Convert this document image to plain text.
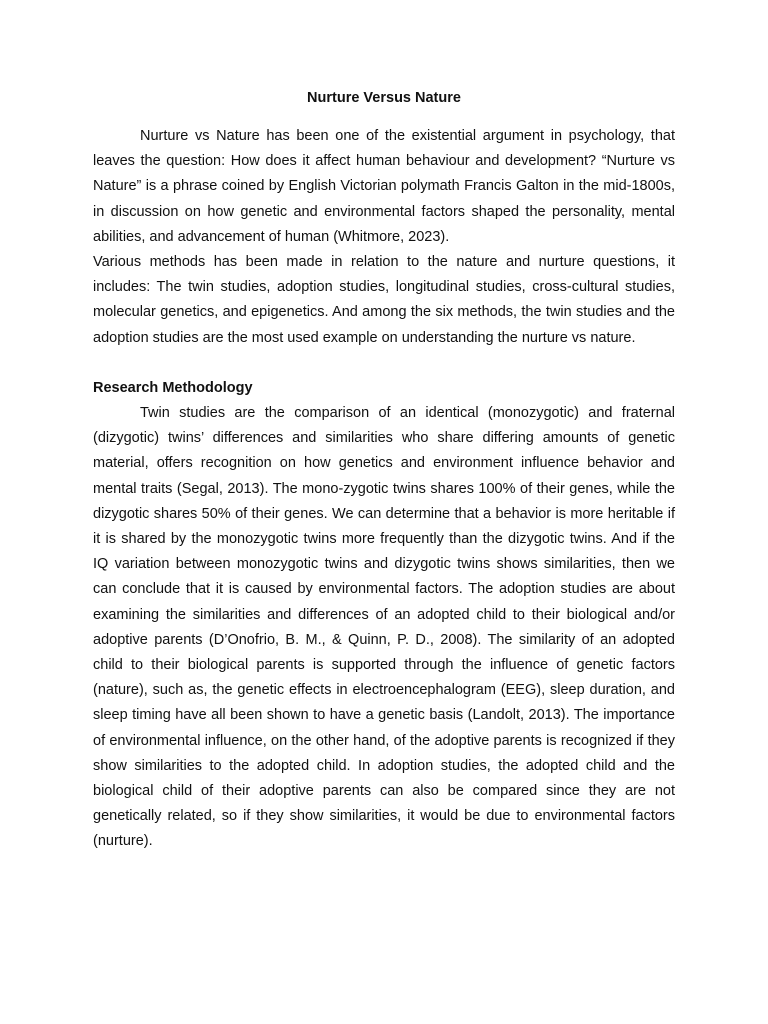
Nurture Versus Nature

Nurture vs Nature has been one of the existential argument in psychology, that leaves the question: How does it affect human behaviour and development? “Nurture vs Nature” is a phrase coined by English Victorian polymath Francis Galton in the mid-1800s, in discussion on how genetic and environmental factors shaped the personality, mental abilities, and advancement of human (Whitmore, 2023).

Various methods has been made in relation to the nature and nurture questions, it includes: The twin studies, adoption studies, longitudinal studies, cross-cultural studies, molecular genetics, and epigenetics. And among the six methods, the twin studies and the adoption studies are the most used example on understanding the nurture vs nature.

Research Methodology

Twin studies are the comparison of an identical (monozygotic) and fraternal (dizygotic) twins’ differences and similarities who share differing amounts of genetic material, offers recognition on how genetics and environment influence behavior and mental traits (Segal, 2013). The mono-zygotic twins shares 100% of their genes, while the dizygotic shares 50% of their genes. We can determine that a behavior is more heritable if it is shared by the monozygotic twins more frequently than the dizygotic twins. And if the IQ variation between monozygotic twins and dizygotic twins shows similarities, then we can conclude that it is caused by environmental factors. The adoption studies are about examining the similarities and differences of an adopted child to their biological and/or adoptive parents (D’Onofrio, B. M., & Quinn, P. D., 2008). The similarity of an adopted child to their biological parents is supported through the influence of genetic factors (nature), such as, the genetic effects in electroencephalogram (EEG), sleep duration, and sleep timing have all been shown to have a genetic basis (Landolt, 2013). The importance of environmental influence, on the other hand, of the adoptive parents is recognized if they show similarities to the adopted child. In adoption studies, the adopted child and the biological child of their adoptive parents can also be compared since they are not genetically related, so if they show similarities, it would be due to environmental factors (nurture).
